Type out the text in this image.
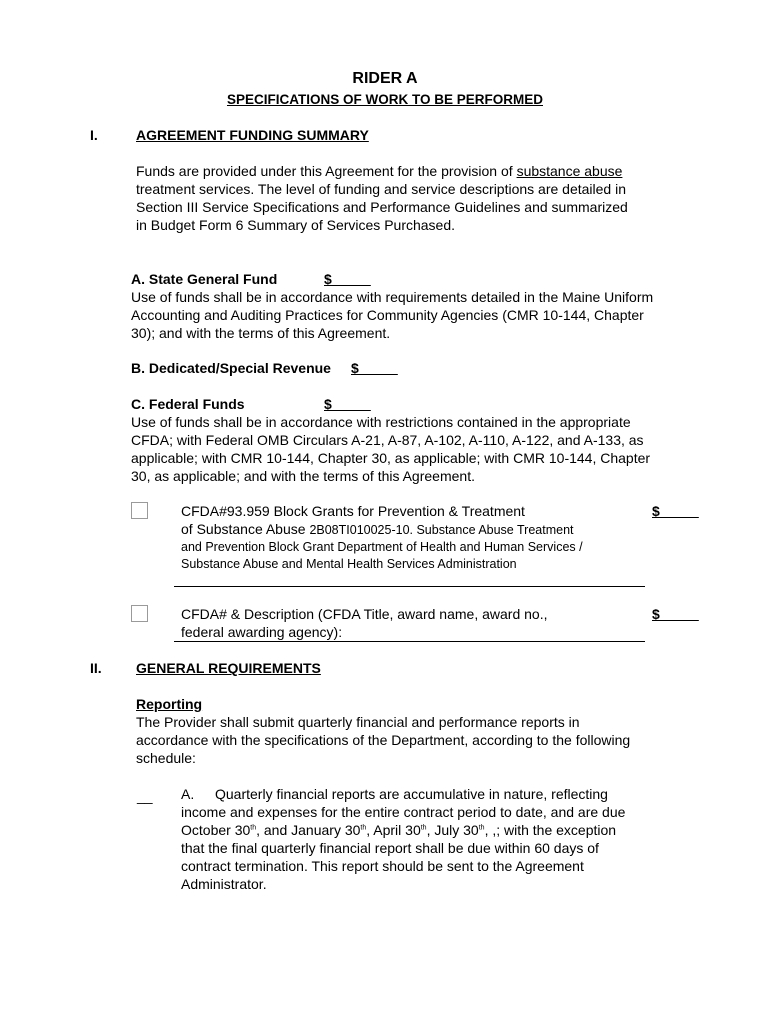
RIDER A
SPECIFICATIONS OF WORK TO BE PERFORMED
I.	AGREEMENT FUNDING SUMMARY
Funds are provided under this Agreement for the provision of substance abuse
treatment services. The level of funding and service descriptions are detailed in
Section III Service Specifications and Performance Guidelines and summarized
in Budget Form 6 Summary of Services Purchased.
A. State General Fund	$_____
Use of funds shall be in accordance with requirements detailed in the Maine Uniform
Accounting and Auditing Practices for Community Agencies (CMR 10-144, Chapter
30); and with the terms of this Agreement.
B. Dedicated/Special Revenue $_____
C. Federal Funds	$_____
Use of funds shall be in accordance with restrictions contained in the appropriate
CFDA; with Federal OMB Circulars A-21, A-87, A-102, A-110, A-122, and A-133, as
applicable; with CMR 10-144, Chapter 30, as applicable; with CMR 10-144, Chapter
30, as applicable; and with the terms of this Agreement.
CFDA#93.959 Block Grants for Prevention & Treatment
of Substance Abuse 2B08TI010025-10. Substance Abuse Treatment
and Prevention Block Grant Department of Health and Human Services /
Substance Abuse and Mental Health Services Administration
$_____
CFDA# & Description (CFDA Title, award name, award no.,
federal awarding agency):
$_____
II. GENERAL REQUIREMENTS
Reporting
The Provider shall submit quarterly financial and performance reports in
accordance with the specifications of the Department, according to the following
schedule:
__ A. Quarterly financial reports are accumulative in nature, reflecting
income and expenses for the entire contract period to date, and are due
October 30th, and January 30th, April 30th, July 30th, ,; with the exception
that the final quarterly financial report shall be due within 60 days of
contract termination. This report should be sent to the Agreement
Administrator.
